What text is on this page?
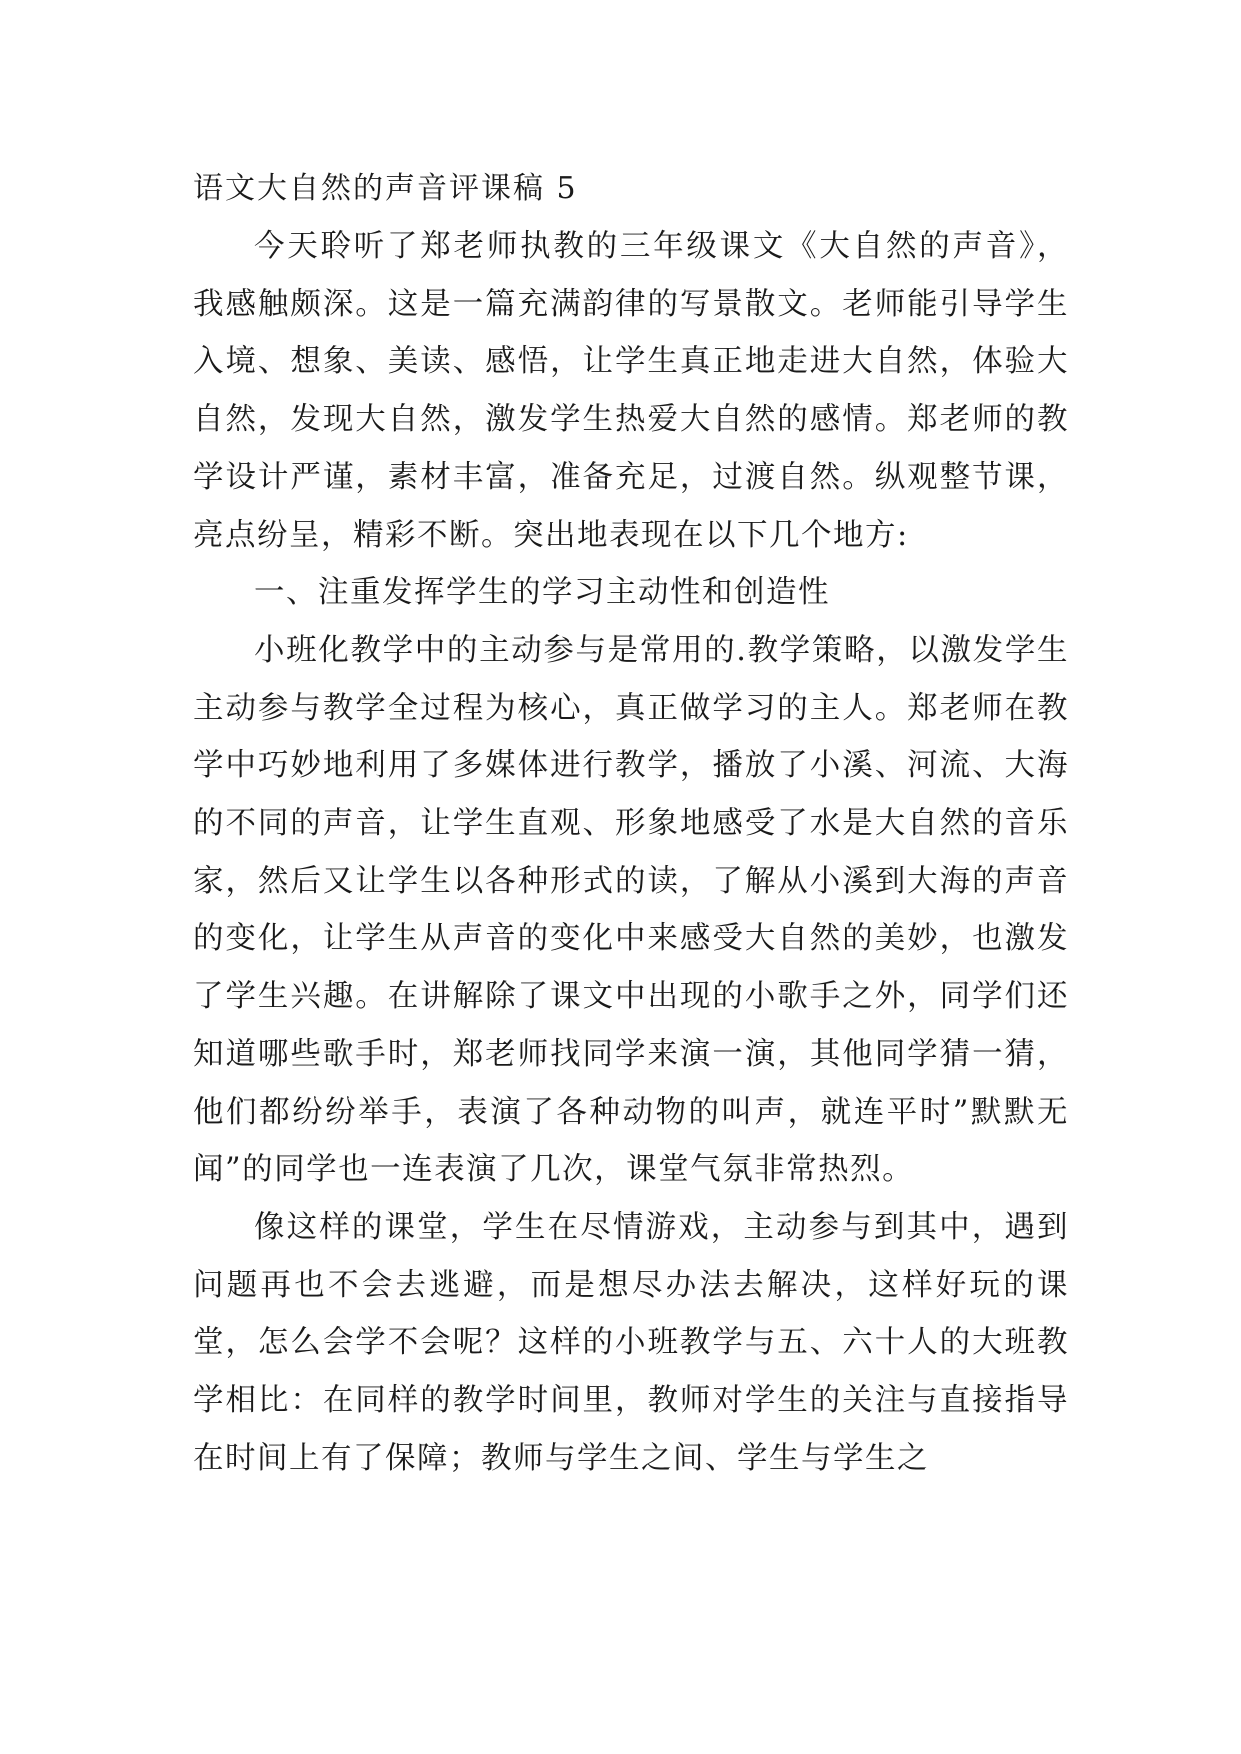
语文大自然的声音评课稿 5

今天聆听了郑老师执教的三年级课文《大自然的声音》，我感触颇深。这是一篇充满韵律的写景散文。老师能引导学生入境、想象、美读、感悟，让学生真正地走进大自然，体验大自然，发现大自然，激发学生热爱大自然的感情。郑老师的教学设计严谨，素材丰富，准备充足，过渡自然。纵观整节课，亮点纷呈，精彩不断。突出地表现在以下几个地方:

一、注重发挥学生的学习主动性和创造性

小班化教学中的主动参与是常用的.教学策略，以激发学生主动参与教学全过程为核心，真正做学习的主人。郑老师在教学中巧妙地利用了多媒体进行教学，播放了小溪、河流、大海的不同的声音，让学生直观、形象地感受了水是大自然的音乐家，然后又让学生以各种形式的读，了解从小溪到大海的声音的变化，让学生从声音的变化中来感受大自然的美妙，也激发了学生兴趣。在讲解除了课文中出现的小歌手之外，同学们还知道哪些歌手时，郑老师找同学来演一演，其他同学猜一猜，他们都纷纷举手，表演了各种动物的叫声，就连平时”默默无闻”的同学也一连表演了几次，课堂气氛非常热烈。

像这样的课堂，学生在尽情游戏，主动参与到其中，遇到问题再也不会去逃避，而是想尽办法去解决，这样好玩的课堂，怎么会学不会呢？这样的小班教学与五、六十人的大班教学相比：在同样的教学时间里，教师对学生的关注与直接指导在时间上有了保障；教师与学生之间、学生与学生之
